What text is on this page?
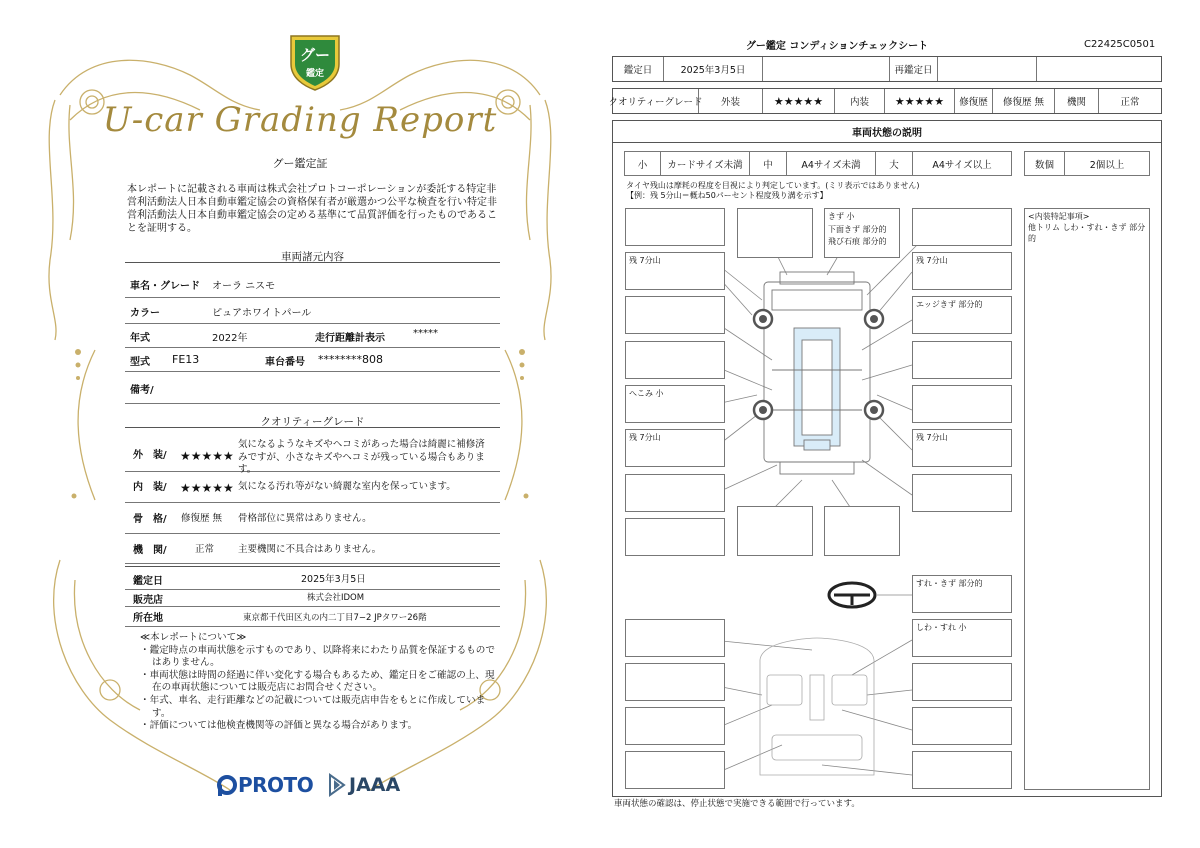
グー
鑑定
U-car Grading Report
グー鑑定証
本レポートに記載される車両は株式会社プロトコーポレーションが委託する特定非営利活動法人日本自動車鑑定協会の資格保有者が厳選かつ公平な検査を行い特定非営利活動法人日本自動車鑑定協会の定める基準にて品質評価を行ったものであることを証明する。
車両諸元内容
車名・グレード オーラ ニスモ
カラー	ピュアホワイトパール
年式	2022年	走行距離計表示	*****
型式 FE13	車台番号 ********808
備考/
クオリティーグレード
外　装/ ★★★★★
気になるようなキズやヘコミがあった場合は綺麗に補修済みですが、小さなキズやヘコミが残っている場合もあります。
内　装/ ★★★★★ 気になる汚れ等がない綺麗な室内を保っています。
骨　格/ 修復歴 無 骨格部位に異常はありません。
機　関/	正常	主要機関に不具合はありません。
鑑定日	2025年3月5日
販売店	株式会社IDOM
所在地	東京都千代田区丸の内二丁目7−2 JPタワー26階
≪本レポートについて≫
・鑑定時点の車両状態を示すものであり、以降将来にわたり品質を保証するものではありません。
・車両状態は時間の経過に伴い変化する場合もあるため、鑑定日をご確認の上、現在の車両状態については販売店にお問合せください。
・年式、車名、走行距離などの記載については販売店申告をもとに作成しています。
・評価については他検査機関等の評価と異なる場合があります。
PROTO JAAA
グー鑑定 コンディションチェックシート	C22425C0501
鑑定日	2025年3月5日	再鑑定日
クオリティーグレード	外装	★★★★★	内装	★★★★★	修復歴	修復歴 無	機関	正常
車両状態の説明
小	カードサイズ未満	中	A4サイズ未満	大	A4サイズ以上	数個	2個以上
タイヤ残山は摩耗の程度を目視により判定しています。(ミリ表示ではありません)
【例：残 5分山＝概ね50パーセント程度残り溝を示す】
残 7分山
へこみ 小
残 7分山
きず 小
下面きず 部分的
飛び石痕 部分的
残 7分山
エッジきず 部分的
残 7分山
すれ・きず 部分的
しわ・すれ 小
<内装特記事項>
他トリム しわ・すれ・きず 部分的
車両状態の確認は、停止状態で実施できる範囲で行っています。
